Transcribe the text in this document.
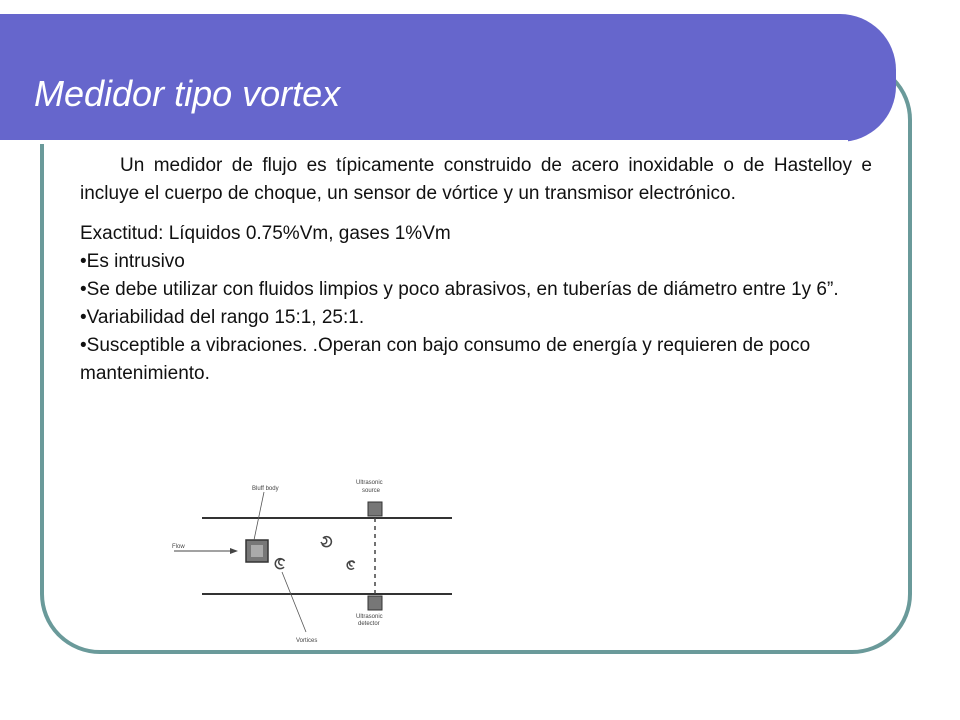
Medidor tipo vortex

Un medidor de flujo es típicamente construido de acero inoxidable o de Hastelloy e incluye el cuerpo de choque, un sensor de vórtice y un transmisor electrónico.

Exactitud: Líquidos 0.75%Vm, gases 1%Vm

•Es intrusivo

•Se debe utilizar con fluidos limpios y poco abrasivos, en tuberías de diámetro entre 1y 6”.

•Variabilidad del rango 15:1, 25:1.

•Susceptible a vibraciones. .Operan con bajo consumo de energía y requieren de poco mantenimiento.

Flow
Bluff body
Ultrasonic
source
Ultrasonic
detector
Vortices
